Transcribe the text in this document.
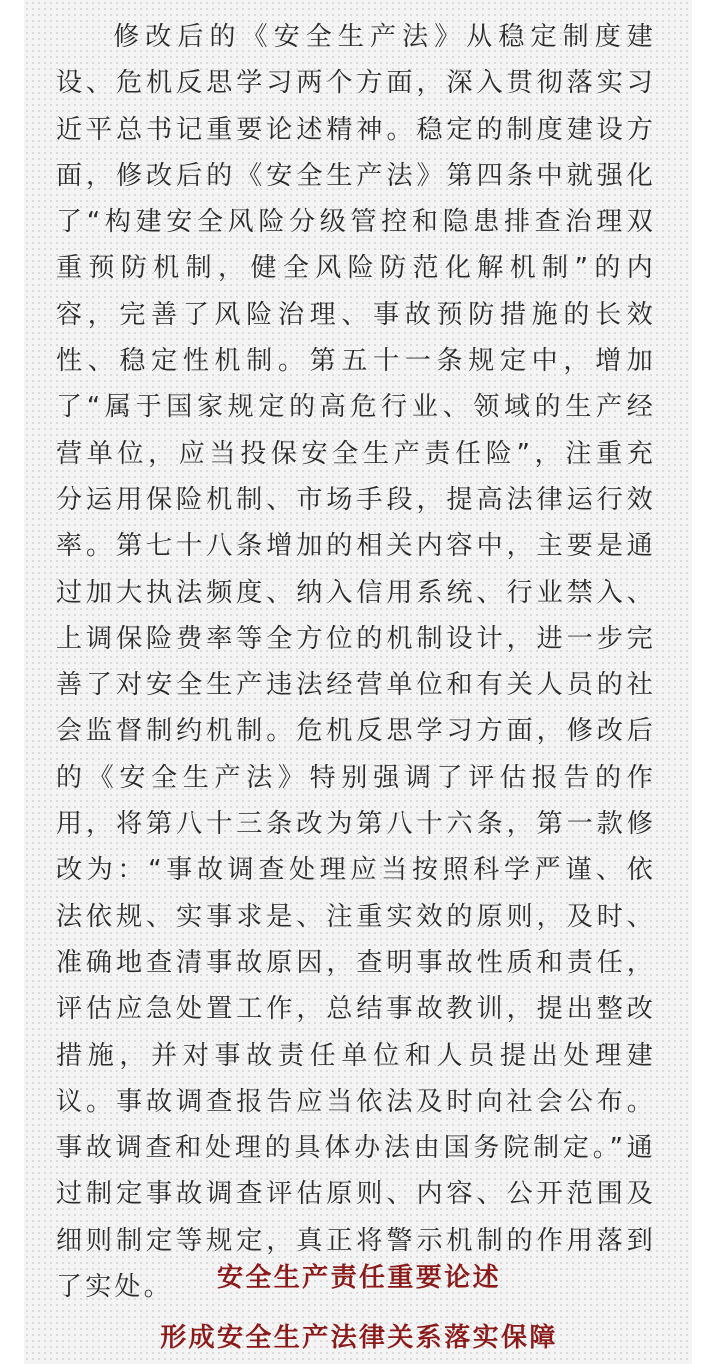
修改后的《安全生产法》从稳定制度建设、危机反思学习两个方面，深入贯彻落实习近平总书记重要论述精神。稳定的制度建设方面，修改后的《安全生产法》第四条中就强化了“构建安全风险分级管控和隐患排查治理双重预防机制，健全风险防范化解机制”的内容，完善了风险治理、事故预防措施的长效性、稳定性机制。第五十一条规定中，增加了“属于国家规定的高危行业、领域的生产经营单位，应当投保安全生产责任险”，注重充分运用保险机制、市场手段，提高法律运行效率。第七十八条增加的相关内容中，主要是通过加大执法频度、纳入信用系统、行业禁入、上调保险费率等全方位的机制设计，进一步完善了对安全生产违法经营单位和有关人员的社会监督制约机制。危机反思学习方面，修改后的《安全生产法》特别强调了评估报告的作用，将第八十三条改为第八十六条，第一款修改为：“事故调查处理应当按照科学严谨、依法依规、实事求是、注重实效的原则，及时、准确地查清事故原因，查明事故性质和责任，评估应急处置工作，总结事故教训，提出整改措施，并对事故责任单位和人员提出处理建议。事故调查报告应当依法及时向社会公布。事故调查和处理的具体办法由国务院制定。”通过制定事故调查评估原则、内容、公开范围及细则制定等规定，真正将警示机制的作用落到了实处。	安全生产责任重要论述
形成安全生产法律关系落实保障
